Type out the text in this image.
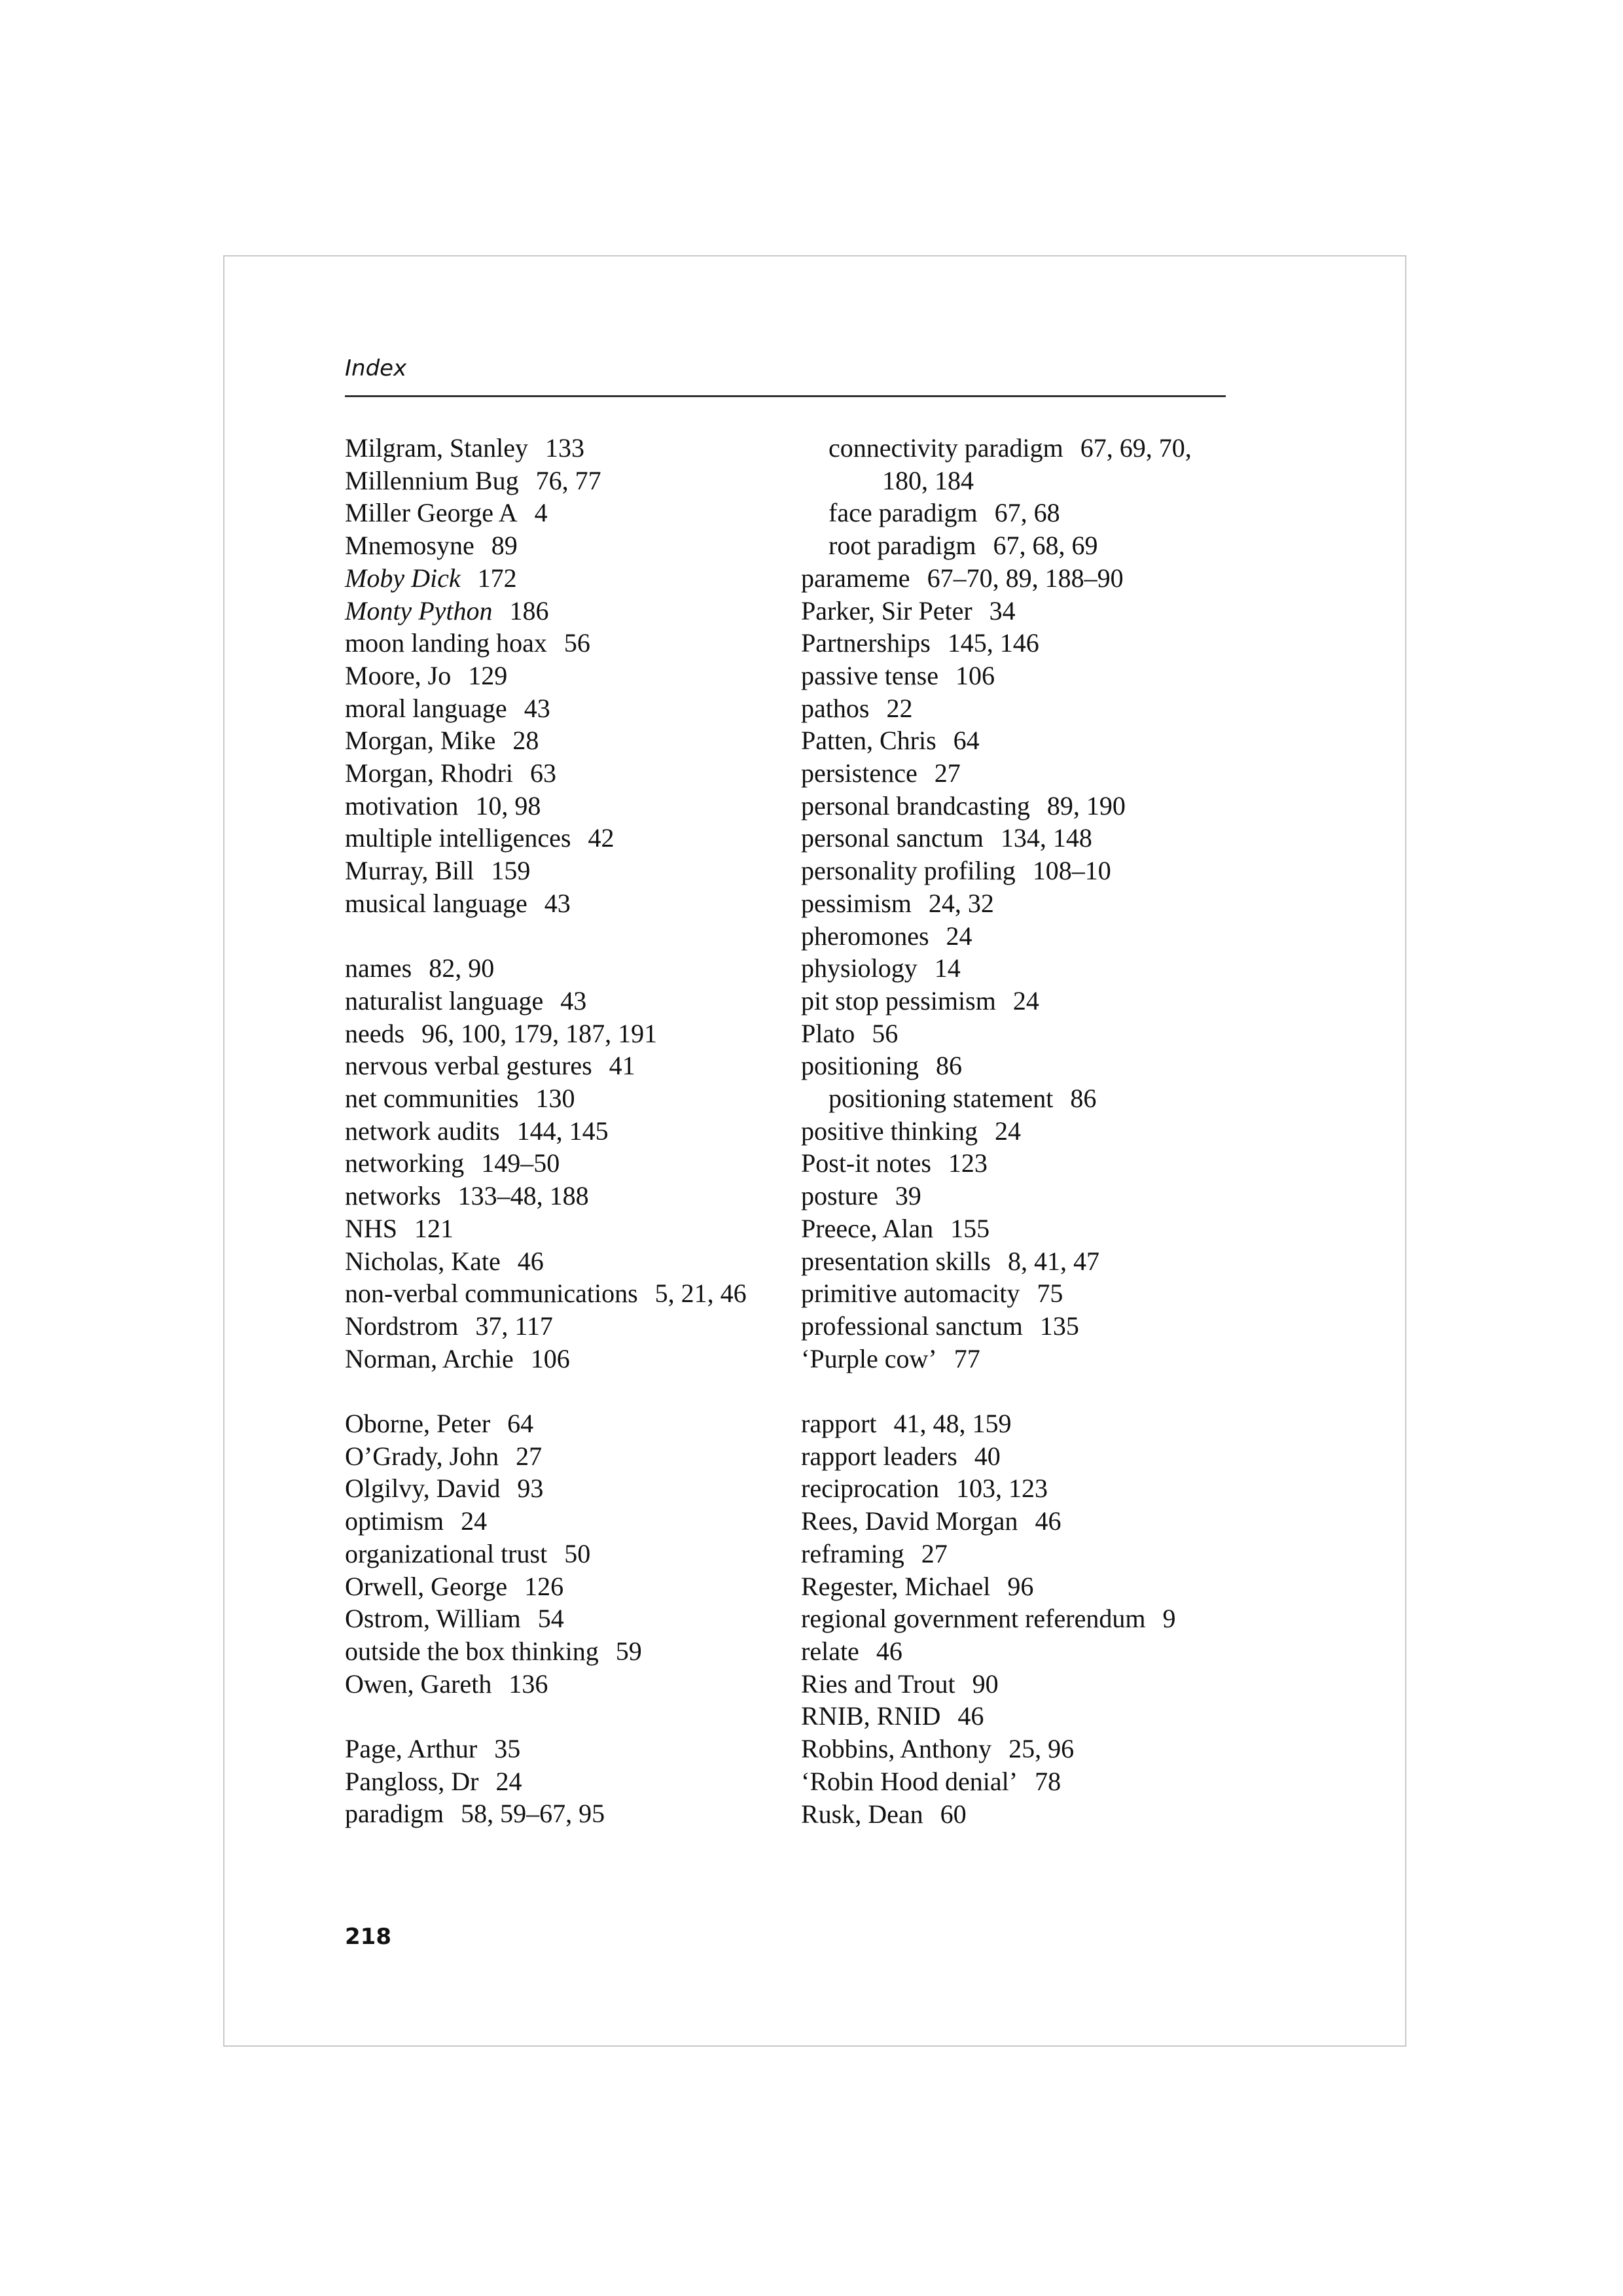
Index
Milgram, Stanley 133
Millennium Bug 76, 77
Miller George A 4
Mnemosyne 89
Moby Dick 172
Monty Python 186
moon landing hoax 56
Moore, Jo 129
moral language 43
Morgan, Mike 28
Morgan, Rhodri 63
motivation 10, 98
multiple intelligences 42
Murray, Bill 159
musical language 43
names 82, 90
naturalist language 43
needs 96, 100, 179, 187, 191
nervous verbal gestures 41
net communities 130
network audits 144, 145
networking 149–50
networks 133–48, 188
NHS 121
Nicholas, Kate 46
non-verbal communications 5, 21, 46
Nordstrom 37, 117
Norman, Archie 106
Oborne, Peter 64
O’Grady, John 27
Olgilvy, David 93
optimism 24
organizational trust 50
Orwell, George 126
Ostrom, William 54
outside the box thinking 59
Owen, Gareth 136
Page, Arthur 35
Pangloss, Dr 24
paradigm 58, 59–67, 95
connectivity paradigm 67, 69, 70, 180, 184
face paradigm 67, 68
root paradigm 67, 68, 69
parameme 67–70, 89, 188–90
Parker, Sir Peter 34
Partnerships 145, 146
passive tense 106
pathos 22
Patten, Chris 64
persistence 27
personal brandcasting 89, 190
personal sanctum 134, 148
personality profiling 108–10
pessimism 24, 32
pheromones 24
physiology 14
pit stop pessimism 24
Plato 56
positioning 86
positioning statement 86
positive thinking 24
Post-it notes 123
posture 39
Preece, Alan 155
presentation skills 8, 41, 47
primitive automacity 75
professional sanctum 135
‘Purple cow’ 77
rapport 41, 48, 159
rapport leaders 40
reciprocation 103, 123
Rees, David Morgan 46
reframing 27
Regester, Michael 96
regional government referendum 9
relate 46
Ries and Trout 90
RNIB, RNID 46
Robbins, Anthony 25, 96
‘Robin Hood denial’ 78
Rusk, Dean 60
218
